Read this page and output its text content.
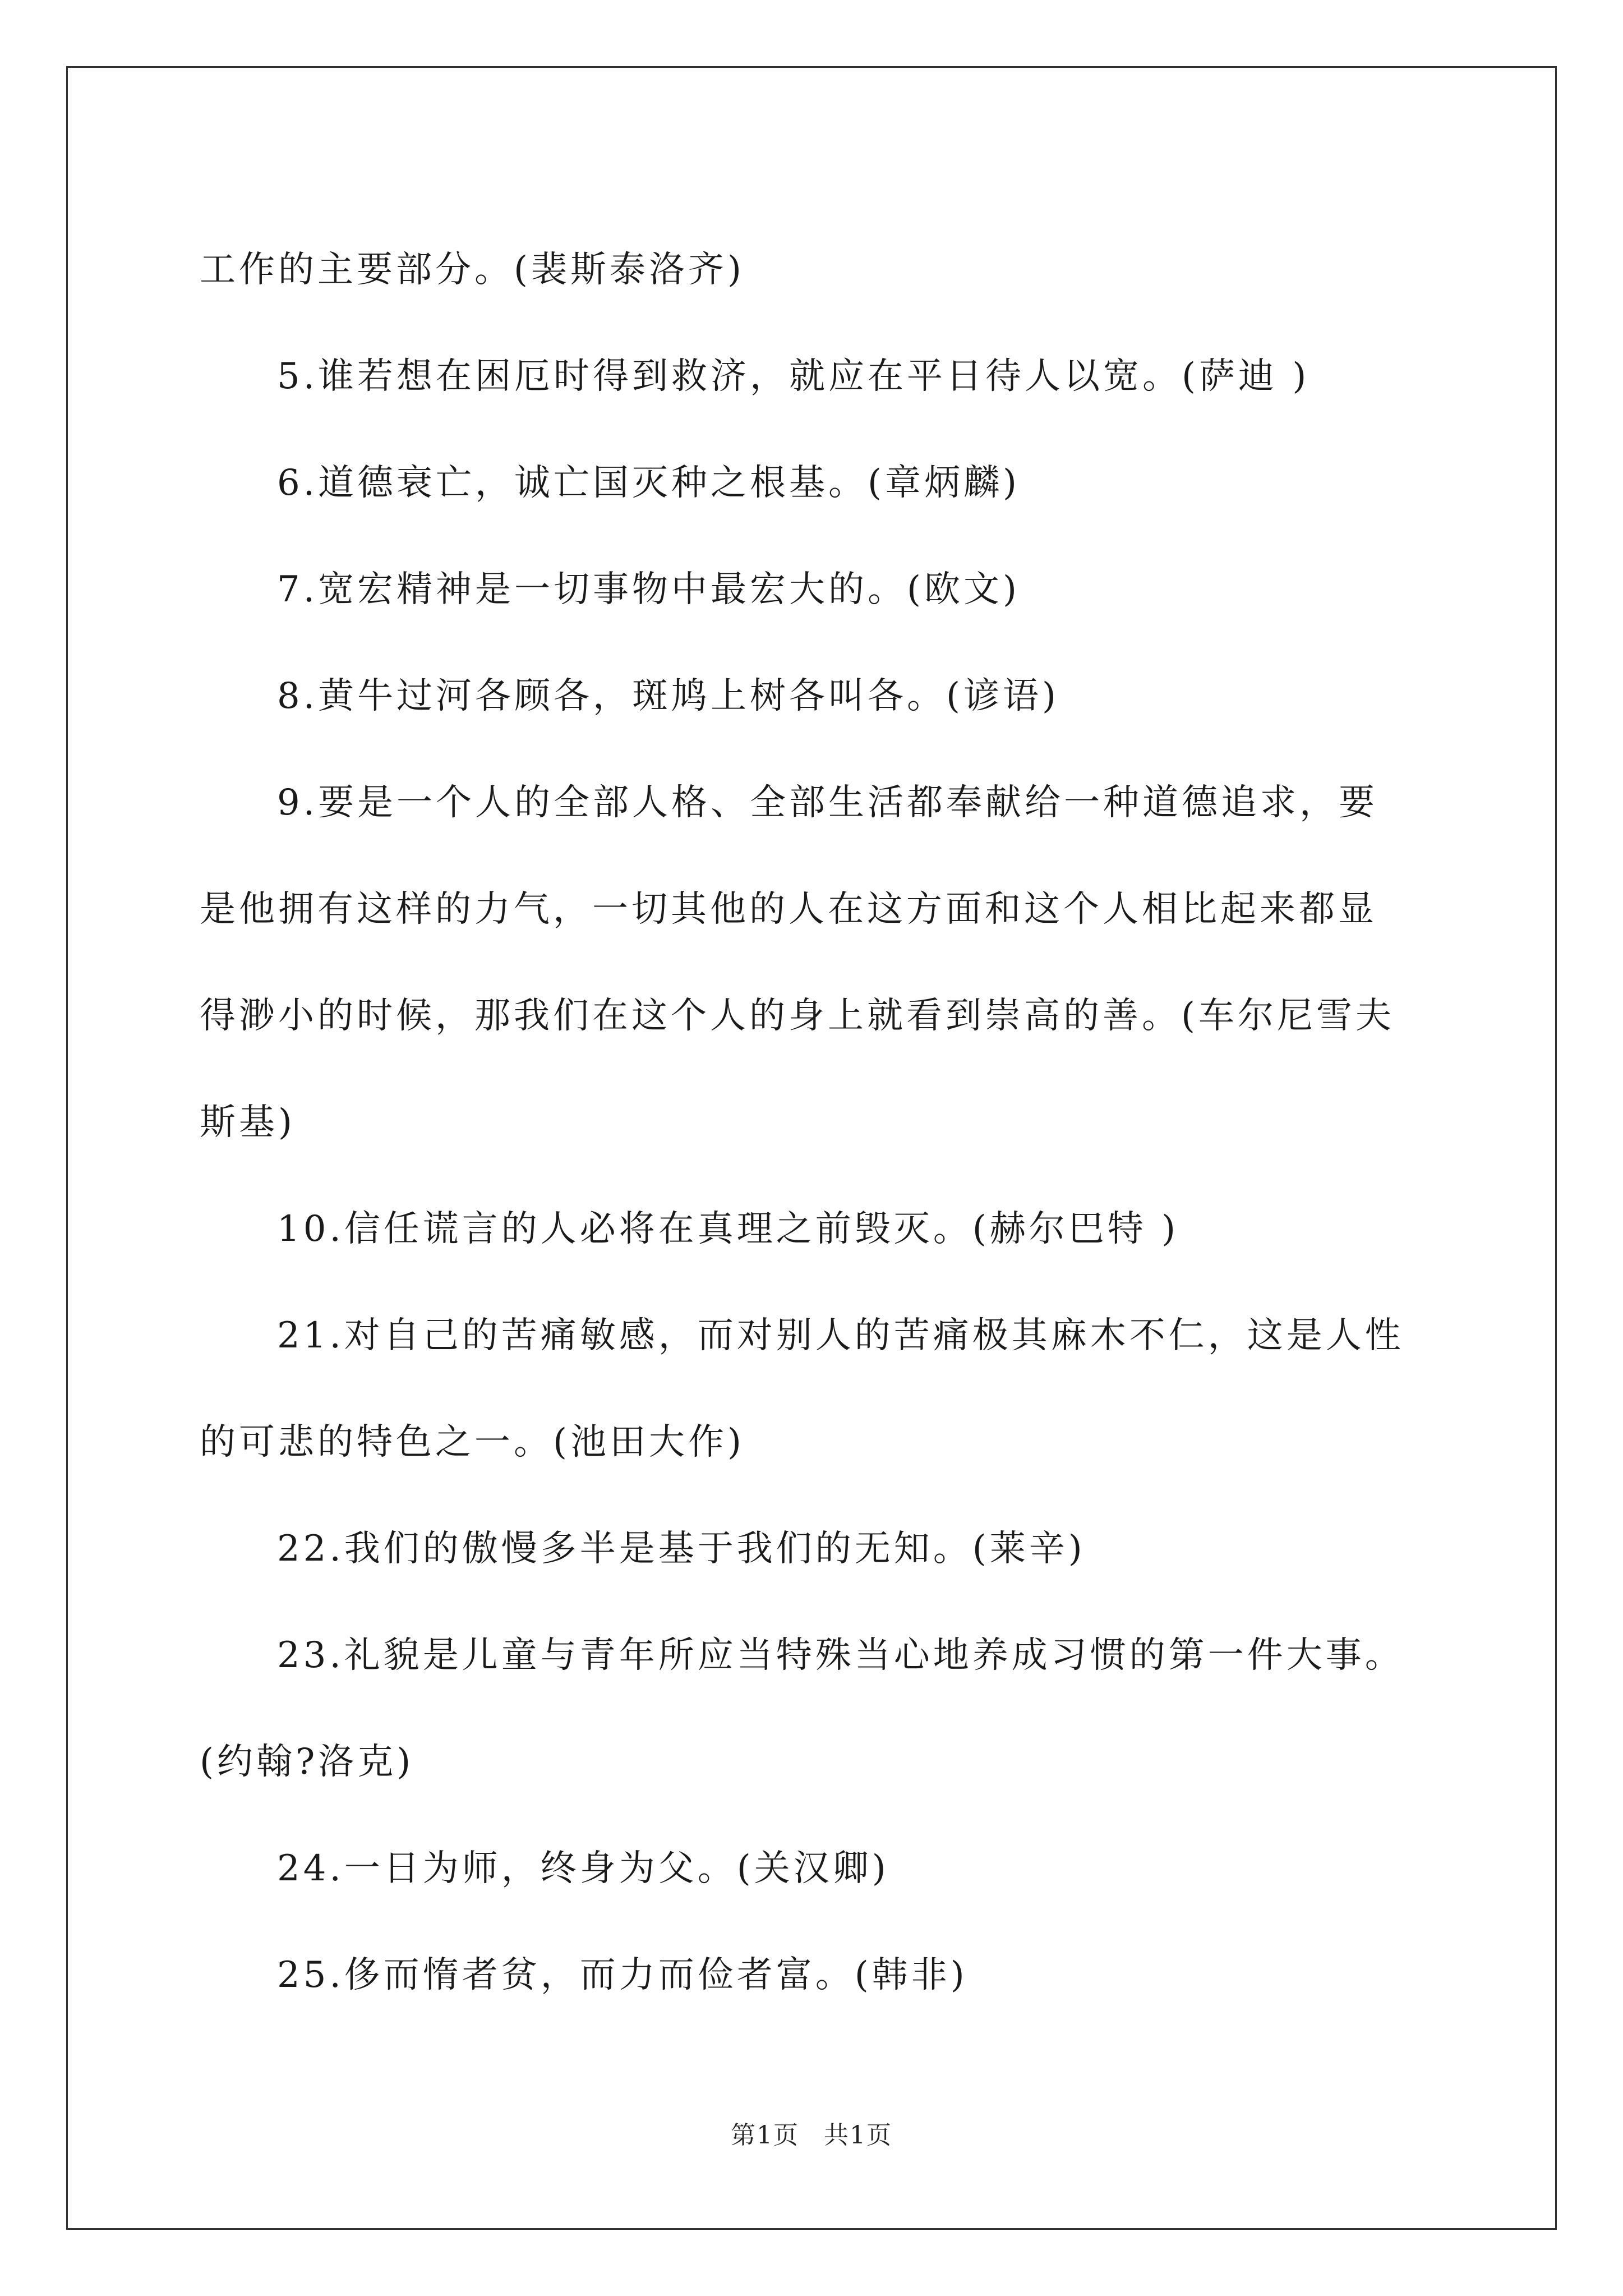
工作的主要部分。(裴斯泰洛齐)
5.谁若想在困厄时得到救济，就应在平日待人以宽。(萨迪 )
6.道德衰亡，诚亡国灭种之根基。(章炳麟)
7.宽宏精神是一切事物中最宏大的。(欧文)
8.黄牛过河各顾各，斑鸠上树各叫各。(谚语)
9.要是一个人的全部人格、全部生活都奉献给一种道德追求，要
是他拥有这样的力气，一切其他的人在这方面和这个人相比起来都显
得渺小的时候，那我们在这个人的身上就看到崇高的善。(车尔尼雪夫
斯基)
10.信任谎言的人必将在真理之前毁灭。(赫尔巴特 )
21.对自己的苦痛敏感，而对别人的苦痛极其麻木不仁，这是人性
的可悲的特色之一。(池田大作)
22.我们的傲慢多半是基于我们的无知。(莱辛)
23.礼貌是儿童与青年所应当特殊当心地养成习惯的第一件大事。
(约翰?洛克)
24.一日为师，终身为父。(关汉卿)
25.侈而惰者贫，而力而俭者富。(韩非)
第1页 共1页
